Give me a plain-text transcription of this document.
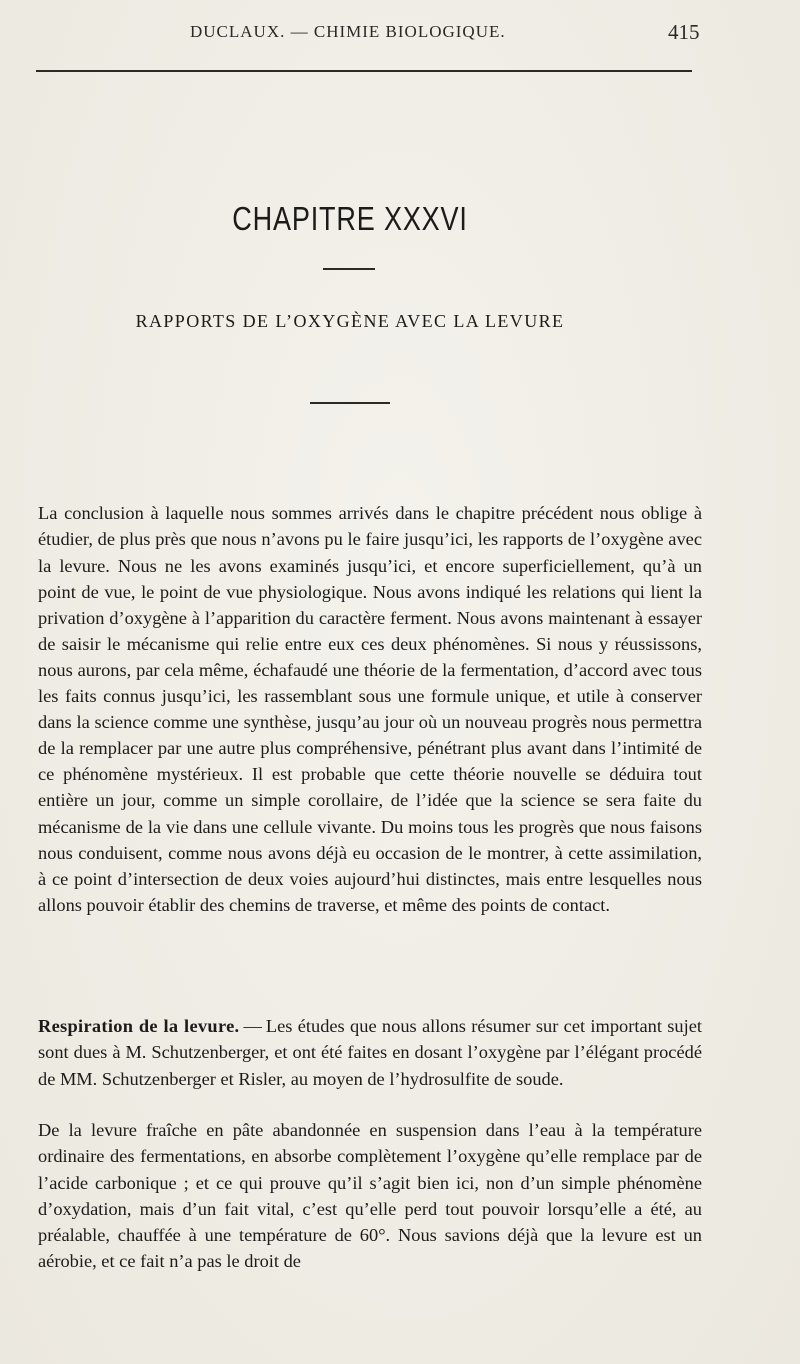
DUCLAUX. — CHIMIE BIOLOGIQUE.	415
CHAPITRE XXXVI
RAPPORTS DE L’OXYGÈNE AVEC LA LEVURE

La conclusion à laquelle nous sommes arrivés dans le chapitre précédent nous oblige à étudier, de plus près que nous n’avons pu le faire jusqu’ici, les rapports de l’oxygène avec la levure. Nous ne les avons examinés jusqu’ici, et encore superficiellement, qu’à un point de vue, le point de vue physiologique. Nous avons indiqué les relations qui lient la privation d’oxygène à l’apparition du caractère ferment. Nous avons maintenant à essayer de saisir le mécanisme qui relie entre eux ces deux phénomènes. Si nous y réussissons, nous aurons, par cela même, échafaudé une théorie de la fermentation, d’accord avec tous les faits connus jusqu’ici, les rassemblant sous une formule unique, et utile à conserver dans la science comme une synthèse, jusqu’au jour où un nouveau progrès nous permettra de la remplacer par une autre plus compréhensive, pénétrant plus avant dans l’intimité de ce phénomène mystérieux. Il est probable que cette théorie nouvelle se déduira tout entière un jour, comme un simple corollaire, de l’idée que la science se sera faite du mécanisme de la vie dans une cellule vivante. Du moins tous les progrès que nous faisons nous conduisent, comme nous avons déjà eu occasion de le montrer, à cette assimilation, à ce point d’intersection de deux voies aujourd’hui distinctes, mais entre lesquelles nous allons pouvoir établir des chemins de traverse, et même des points de contact.

Respiration de la levure. — Les études que nous allons résumer sur cet important sujet sont dues à M. Schutzenberger, et ont été faites en dosant l’oxygène par l’élégant procédé de MM. Schutzenberger et Risler, au moyen de l’hydrosulfite de soude.

De la levure fraîche en pâte abandonnée en suspension dans l’eau à la température ordinaire des fermentations, en absorbe complètement l’oxygène qu’elle remplace par de l’acide carbonique ; et ce qui prouve qu’il s’agit bien ici, non d’un simple phénomène d’oxydation, mais d’un fait vital, c’est qu’elle perd tout pouvoir lorsqu’elle a été, au préalable, chauffée à une température de 60°. Nous savions déjà que la levure est un aérobie, et ce fait n’a pas le droit de
